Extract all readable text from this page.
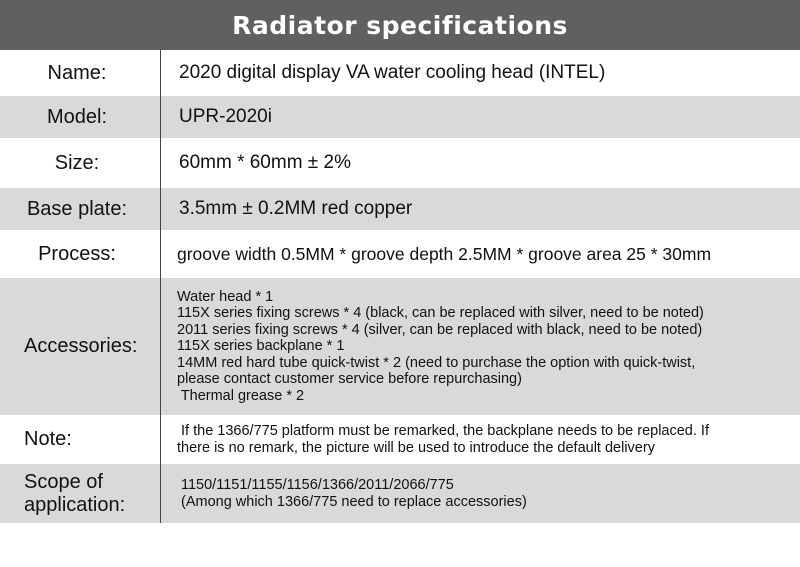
Radiator specifications
Name:	2020 digital display VA water cooling head (INTEL)
Model:	UPR-2020i
Size:	60mm * 60mm ± 2%
Base plate:	3.5mm ± 0.2MM red copper
Process:	groove width 0.5MM * groove depth 2.5MM * groove area 25 * 30mm
Accessories:
Water head * 1
115X series fixing screws * 4 (black, can be replaced with silver, need to be noted)
2011 series fixing screws * 4 (silver, can be replaced with black, need to be noted)
115X series backplane * 1
14MM red hard tube quick-twist * 2 (need to purchase the option with quick-twist,
please contact customer service before repurchasing)
Thermal grease * 2
Note:	If the 1366/775 platform must be remarked, the backplane needs to be replaced. If
there is no remark, the picture will be used to introduce the default delivery
Scope of
application:
1150/1151/1155/1156/1366/2011/2066/775
(Among which 1366/775 need to replace accessories)
